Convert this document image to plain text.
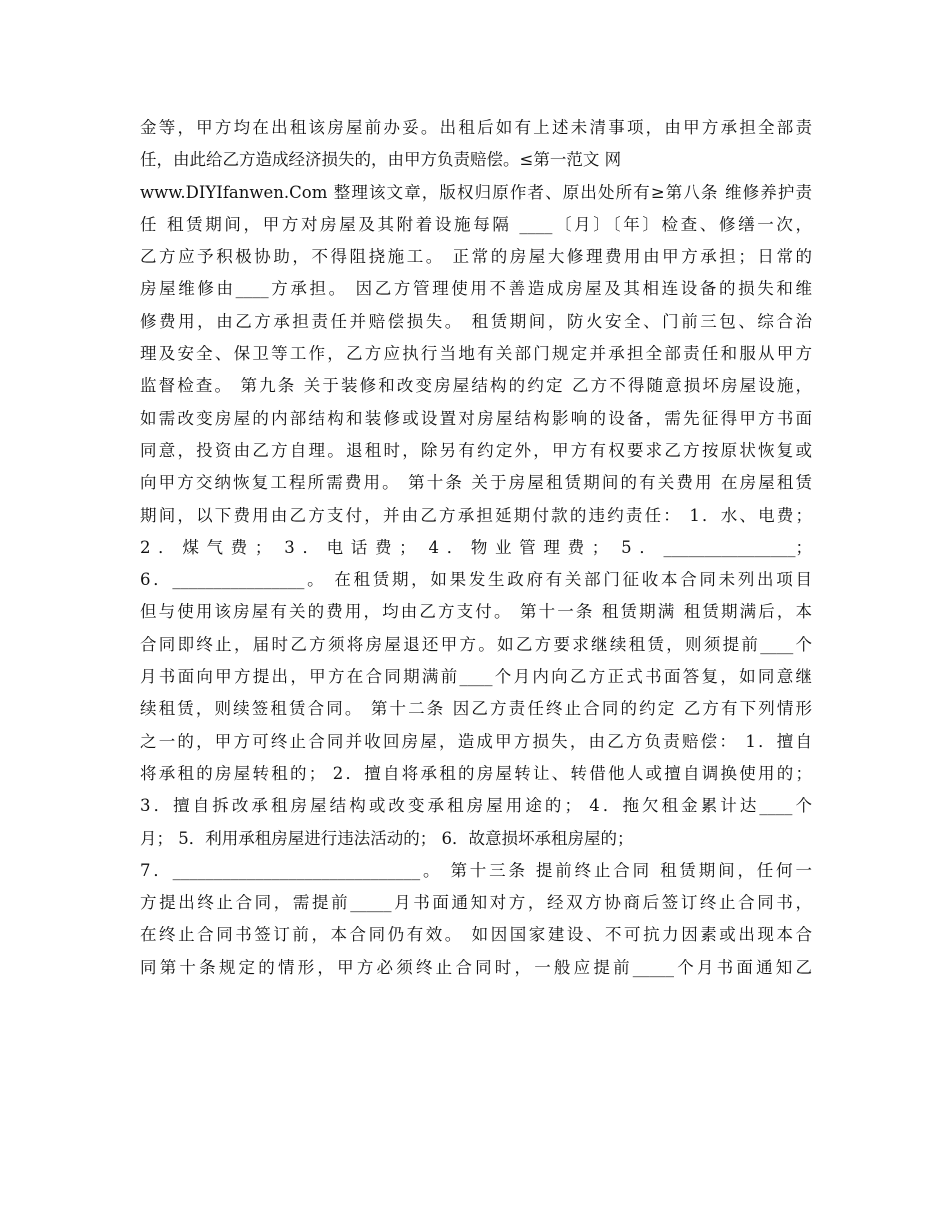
金等，甲方均在出租该房屋前办妥。出租后如有上述未清事项，由甲方承担全部责
任，由此给乙方造成经济损失的，由甲方负责赔偿。≤第一范文 网
www.DIYIfanwen.Com 整理该文章，版权归原作者、原出处所有≥第八条 维修养护责
任 租赁期间，甲方对房屋及其附着设施每隔 ____〔月〕〔年〕检查、修缮一次，
乙方应予积极协助，不得阻挠施工。 正常的房屋大修理费用由甲方承担；日常的
房屋维修由____方承担。 因乙方管理使用不善造成房屋及其相连设备的损失和维
修费用，由乙方承担责任并赔偿损失。 租赁期间，防火安全、门前三包、综合治
理及安全、保卫等工作，乙方应执行当地有关部门规定并承担全部责任和服从甲方
监督检查。 第九条 关于装修和改变房屋结构的约定 乙方不得随意损坏房屋设施，
如需改变房屋的内部结构和装修或设置对房屋结构影响的设备，需先征得甲方书面
同意，投资由乙方自理。退租时，除另有约定外，甲方有权要求乙方按原状恢复或
向甲方交纳恢复工程所需费用。 第十条 关于房屋租赁期间的有关费用 在房屋租赁
期间，以下费用由乙方支付，并由乙方承担延期付款的违约责任： 1．水、电费；
2．煤气费； 3．电话费； 4．物业管理费； 5．________________；
6．________________。 在租赁期，如果发生政府有关部门征收本合同未列出项目
但与使用该房屋有关的费用，均由乙方支付。 第十一条 租赁期满 租赁期满后，本
合同即终止，届时乙方须将房屋退还甲方。如乙方要求继续租赁，则须提前____个
月书面向甲方提出，甲方在合同期满前____个月内向乙方正式书面答复，如同意继
续租赁，则续签租赁合同。 第十二条 因乙方责任终止合同的约定 乙方有下列情形
之一的，甲方可终止合同并收回房屋，造成甲方损失，由乙方负责赔偿： 1．擅自
将承租的房屋转租的； 2．擅自将承租的房屋转让、转借他人或擅自调换使用的；
3．擅自拆改承租房屋结构或改变承租房屋用途的； 4．拖欠租金累计达____个
月； 5．利用承租房屋进行违法活动的； 6．故意损坏承租房屋的；
7．______________________________。 第十三条 提前终止合同 租赁期间，任何一
方提出终止合同，需提前_____月书面通知对方，经双方协商后签订终止合同书，
在终止合同书签订前，本合同仍有效。 如因国家建设、不可抗力因素或出现本合
同第十条规定的情形，甲方必须终止合同时，一般应提前_____个月书面通知乙
